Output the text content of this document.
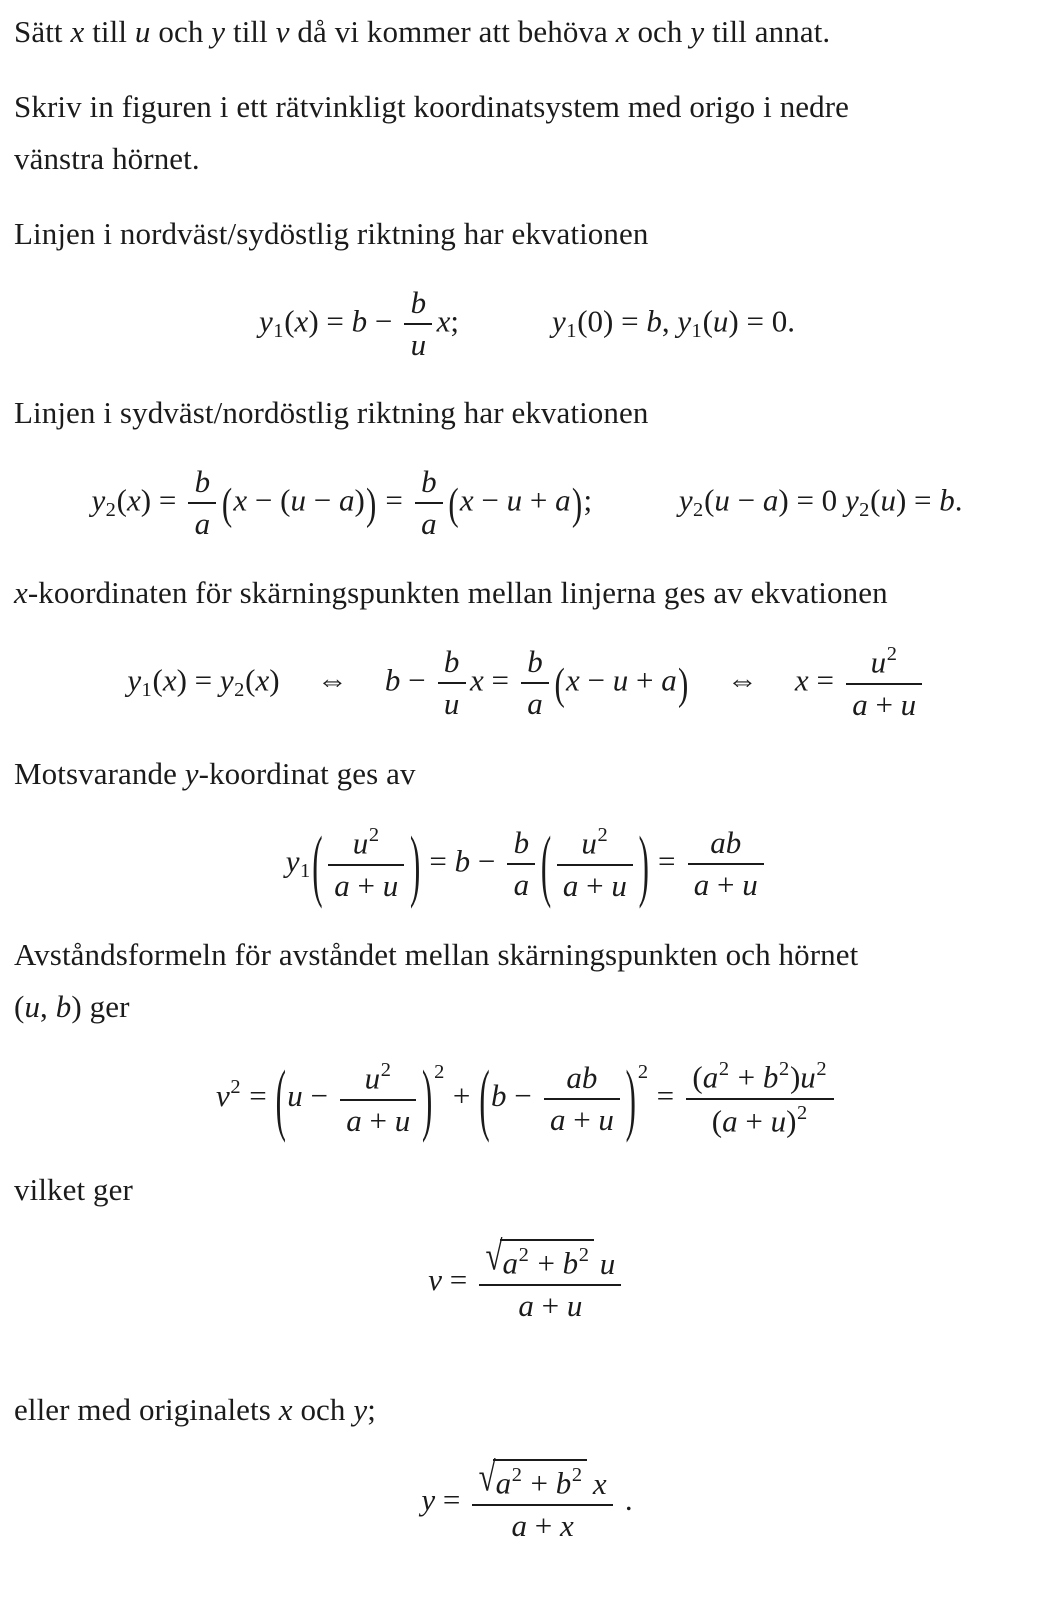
Sätt x till u och y till v då vi kommer att behöva x och y till annat.

Skriv in figuren i ett rätvinkligt koordinatsystem med origo i nedre
vänstra hörnet.

Linjen i nordväst/sydöstlig riktning har ekvationen

$y1(x) = b - \frac{b}{u} x$;	y1(0) = b, y1(u) = 0.

Linjen i sydväst/nordöstlig riktning har ekvationen

$y2(x) = \frac{b}{a} (x - (u - a)) = \frac{b}{a} (x - u + a)$;	y2(u − a) = 0 y2(u) = b.

x-koordinaten för skärningspunkten mellan linjerna ges av ekvationen

y1(x) = y2(x) ⇔ $b - \frac{b}{u}$ $x = \frac{b}{a} (x - u + a)$ ⇔ $x = \frac{u^2}{a + u}$

Motsvarande y-koordinat ges av

$y1( \frac{u^2}{a + u}$ ) = $b - \frac{b}{a}$ ( $\frac{u^2}{a + u}$ ) = $\frac{ab}{a + u}$

Avståndsformeln för avståndet mellan skärningspunkten och hörnet
(u, b) ger

$v^2 = (u - \frac{u^2}{a + u} )^2 + (b - \frac{ab}{a + u} )^2 = \frac{(a^2 + b^2)u^2}{(a + u)^2}$

vilket ger

$v = \frac{√a^2 + b^2 u}{a + u}$

eller med originalets x och y;

$y = \frac{√a^2 + b^2 x}{a + x}$ .
